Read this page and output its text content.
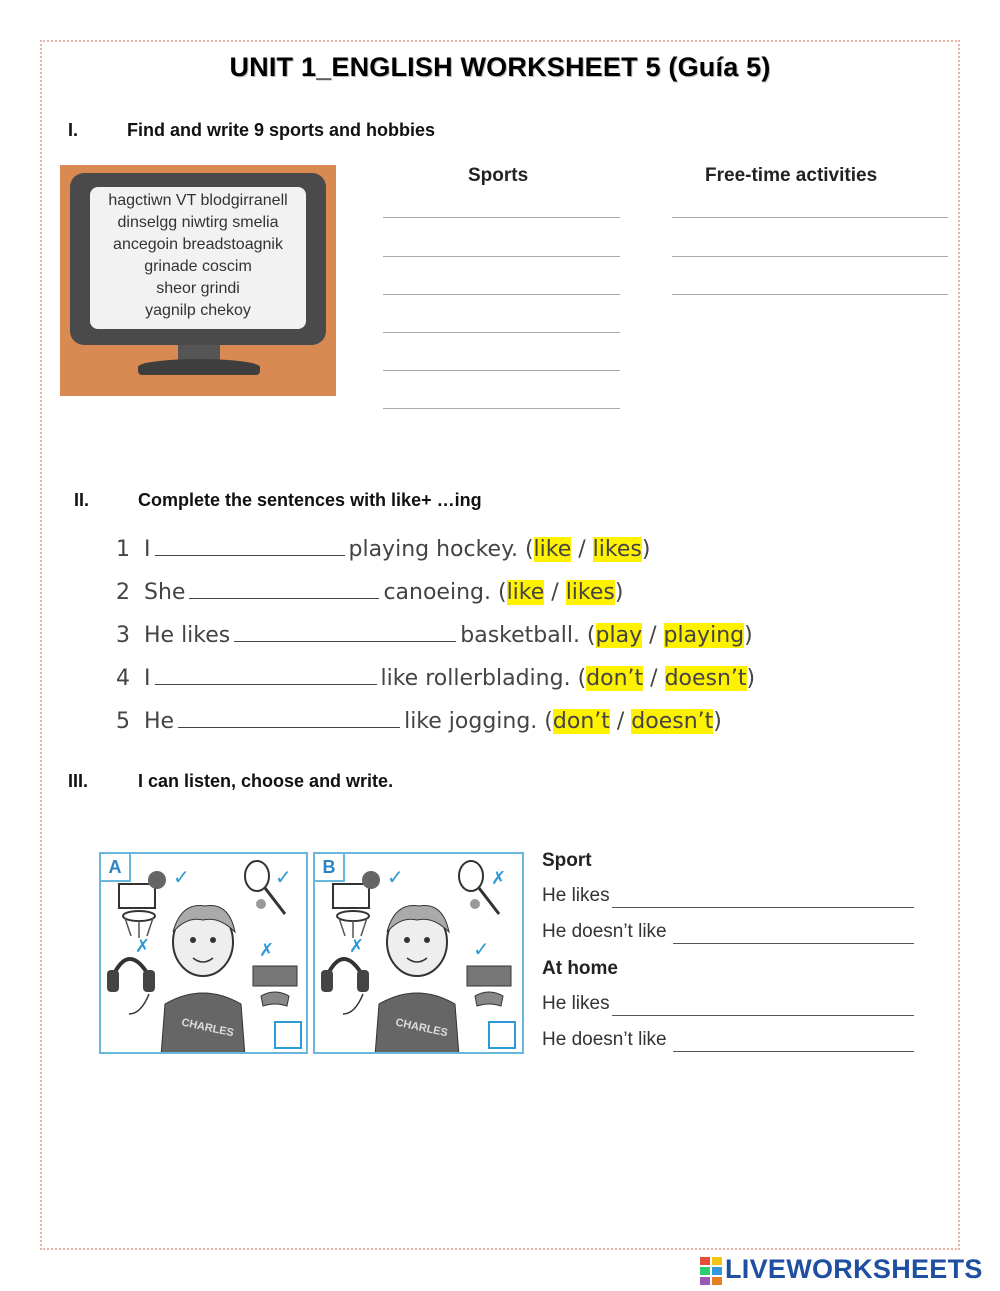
UNIT 1_ENGLISH WORKSHEET 5 (Guía 5)
I.	Find and write 9 sports and hobbies
hagctiwn VT blodgirranell
dinselgg niwtirg smelia
ancegoin breadstoagnik
grinade coscim
sheor grindi
yagnilp chekoy
Sports	Free-time activities
II.	Complete the sentences with like+ …ing
1 I	playing hockey. (like / likes)
2 She	canoeing. (like / likes)
3 He likes	basketball. (play / playing)
4 I	like rollerblading. (don’t / doesn’t)
5 He	like jogging. (don’t / doesn’t)
III.	I can listen, choose and write.
A	✓	✓
✗	✗
CHARLES
B	✓	✗
✗	✓
CHARLES
Sport
He likes
He doesn’t like
At home
He likes
He doesn’t like
LIVEWORKSHEETS
